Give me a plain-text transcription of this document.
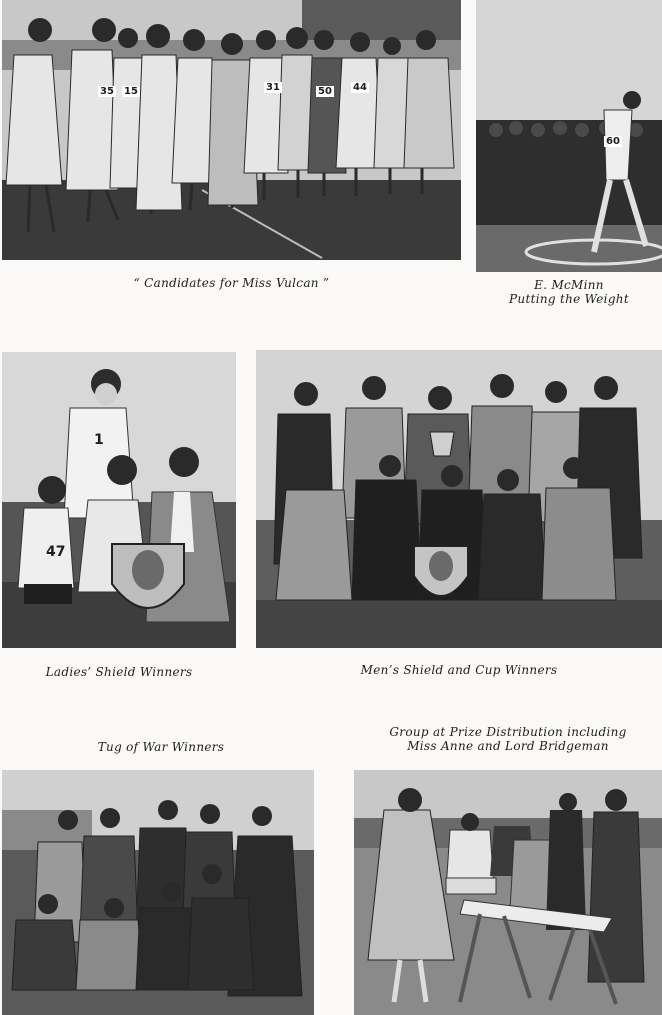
35 15	31	50 44
60
“ Candidates for Miss Vulcan ”	E. McMinn
Putting the Weight
1
47
Ladies’ Shield Winners	Men’s Shield and Cup Winners
Tug of War Winners
Group at Prize Distribution including
Miss Anne and Lord Bridgeman
